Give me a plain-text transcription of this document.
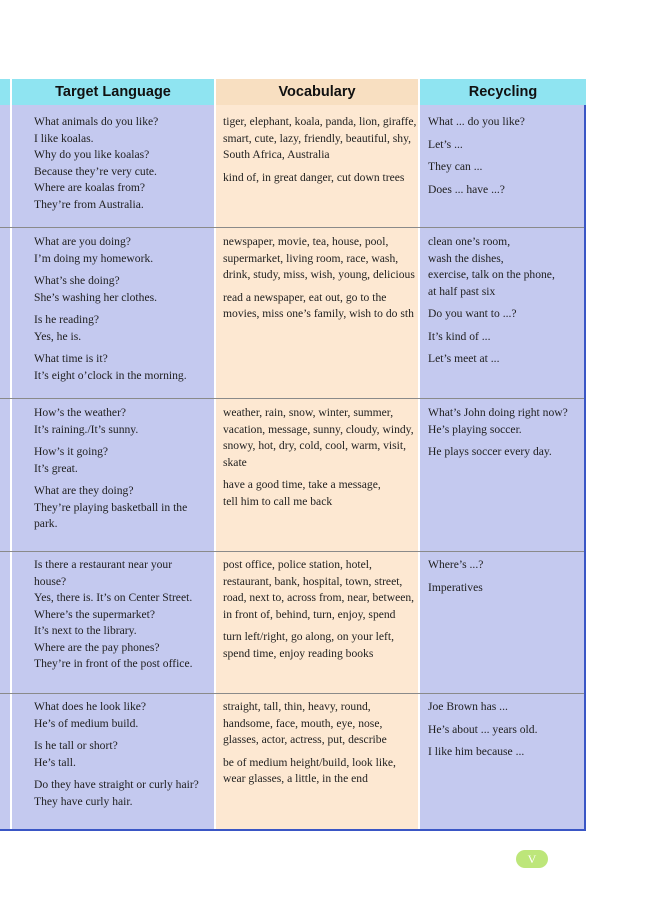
Target Language	Vocabulary	Recycling
What animals do you like?
I like koalas.
Why do you like koalas?
Because they’re very cute.
Where are koalas from?
They’re from Australia.
tiger, elephant, koala, panda, lion, giraffe,
smart, cute, lazy, friendly, beautiful, shy,
South Africa, Australia
kind of, in great danger, cut down trees
What ... do you like?
Let’s ...
They can ...
Does ... have ...?
What are you doing?
I’m doing my homework.
What’s she doing?
She’s washing her clothes.
Is he reading?
Yes, he is.
What time is it?
It’s eight o’clock in the morning.
newspaper, movie, tea, house, pool,
supermarket, living room, race, wash,
drink, study, miss, wish, young, delicious
read a newspaper, eat out, go to the
movies, miss one’s family, wish to do sth
clean one’s room,
wash the dishes,
exercise, talk on the phone,
at half past six
Do you want to ...?
It’s kind of ...
Let’s meet at ...
How’s the weather?
It’s raining./It’s sunny.
How’s it going?
It’s great.
What are they doing?
They’re playing basketball in the
park.
weather, rain, snow, winter, summer,
vacation, message, sunny, cloudy, windy,
snowy, hot, dry, cold, cool, warm, visit,
skate
have a good time, take a message,
tell him to call me back
What’s John doing right now?
He’s playing soccer.
He plays soccer every day.
Is there a restaurant near your
house?
Yes, there is. It’s on Center Street.
Where’s the supermarket?
It’s next to the library.
Where are the pay phones?
They’re in front of the post office.
post office, police station, hotel,
restaurant, bank, hospital, town, street,
road, next to, across from, near, between,
in front of, behind, turn, enjoy, spend
turn left/right, go along, on your left,
spend time, enjoy reading books
Where’s ...?
Imperatives
What does he look like?
He’s of medium build.
Is he tall or short?
He’s tall.
Do they have straight or curly hair?
They have curly hair.
straight, tall, thin, heavy, round,
handsome, face, mouth, eye, nose,
glasses, actor, actress, put, describe
be of medium height/build, look like,
wear glasses, a little, in the end
Joe Brown has ...
He’s about ... years old.
I like him because ...
V
